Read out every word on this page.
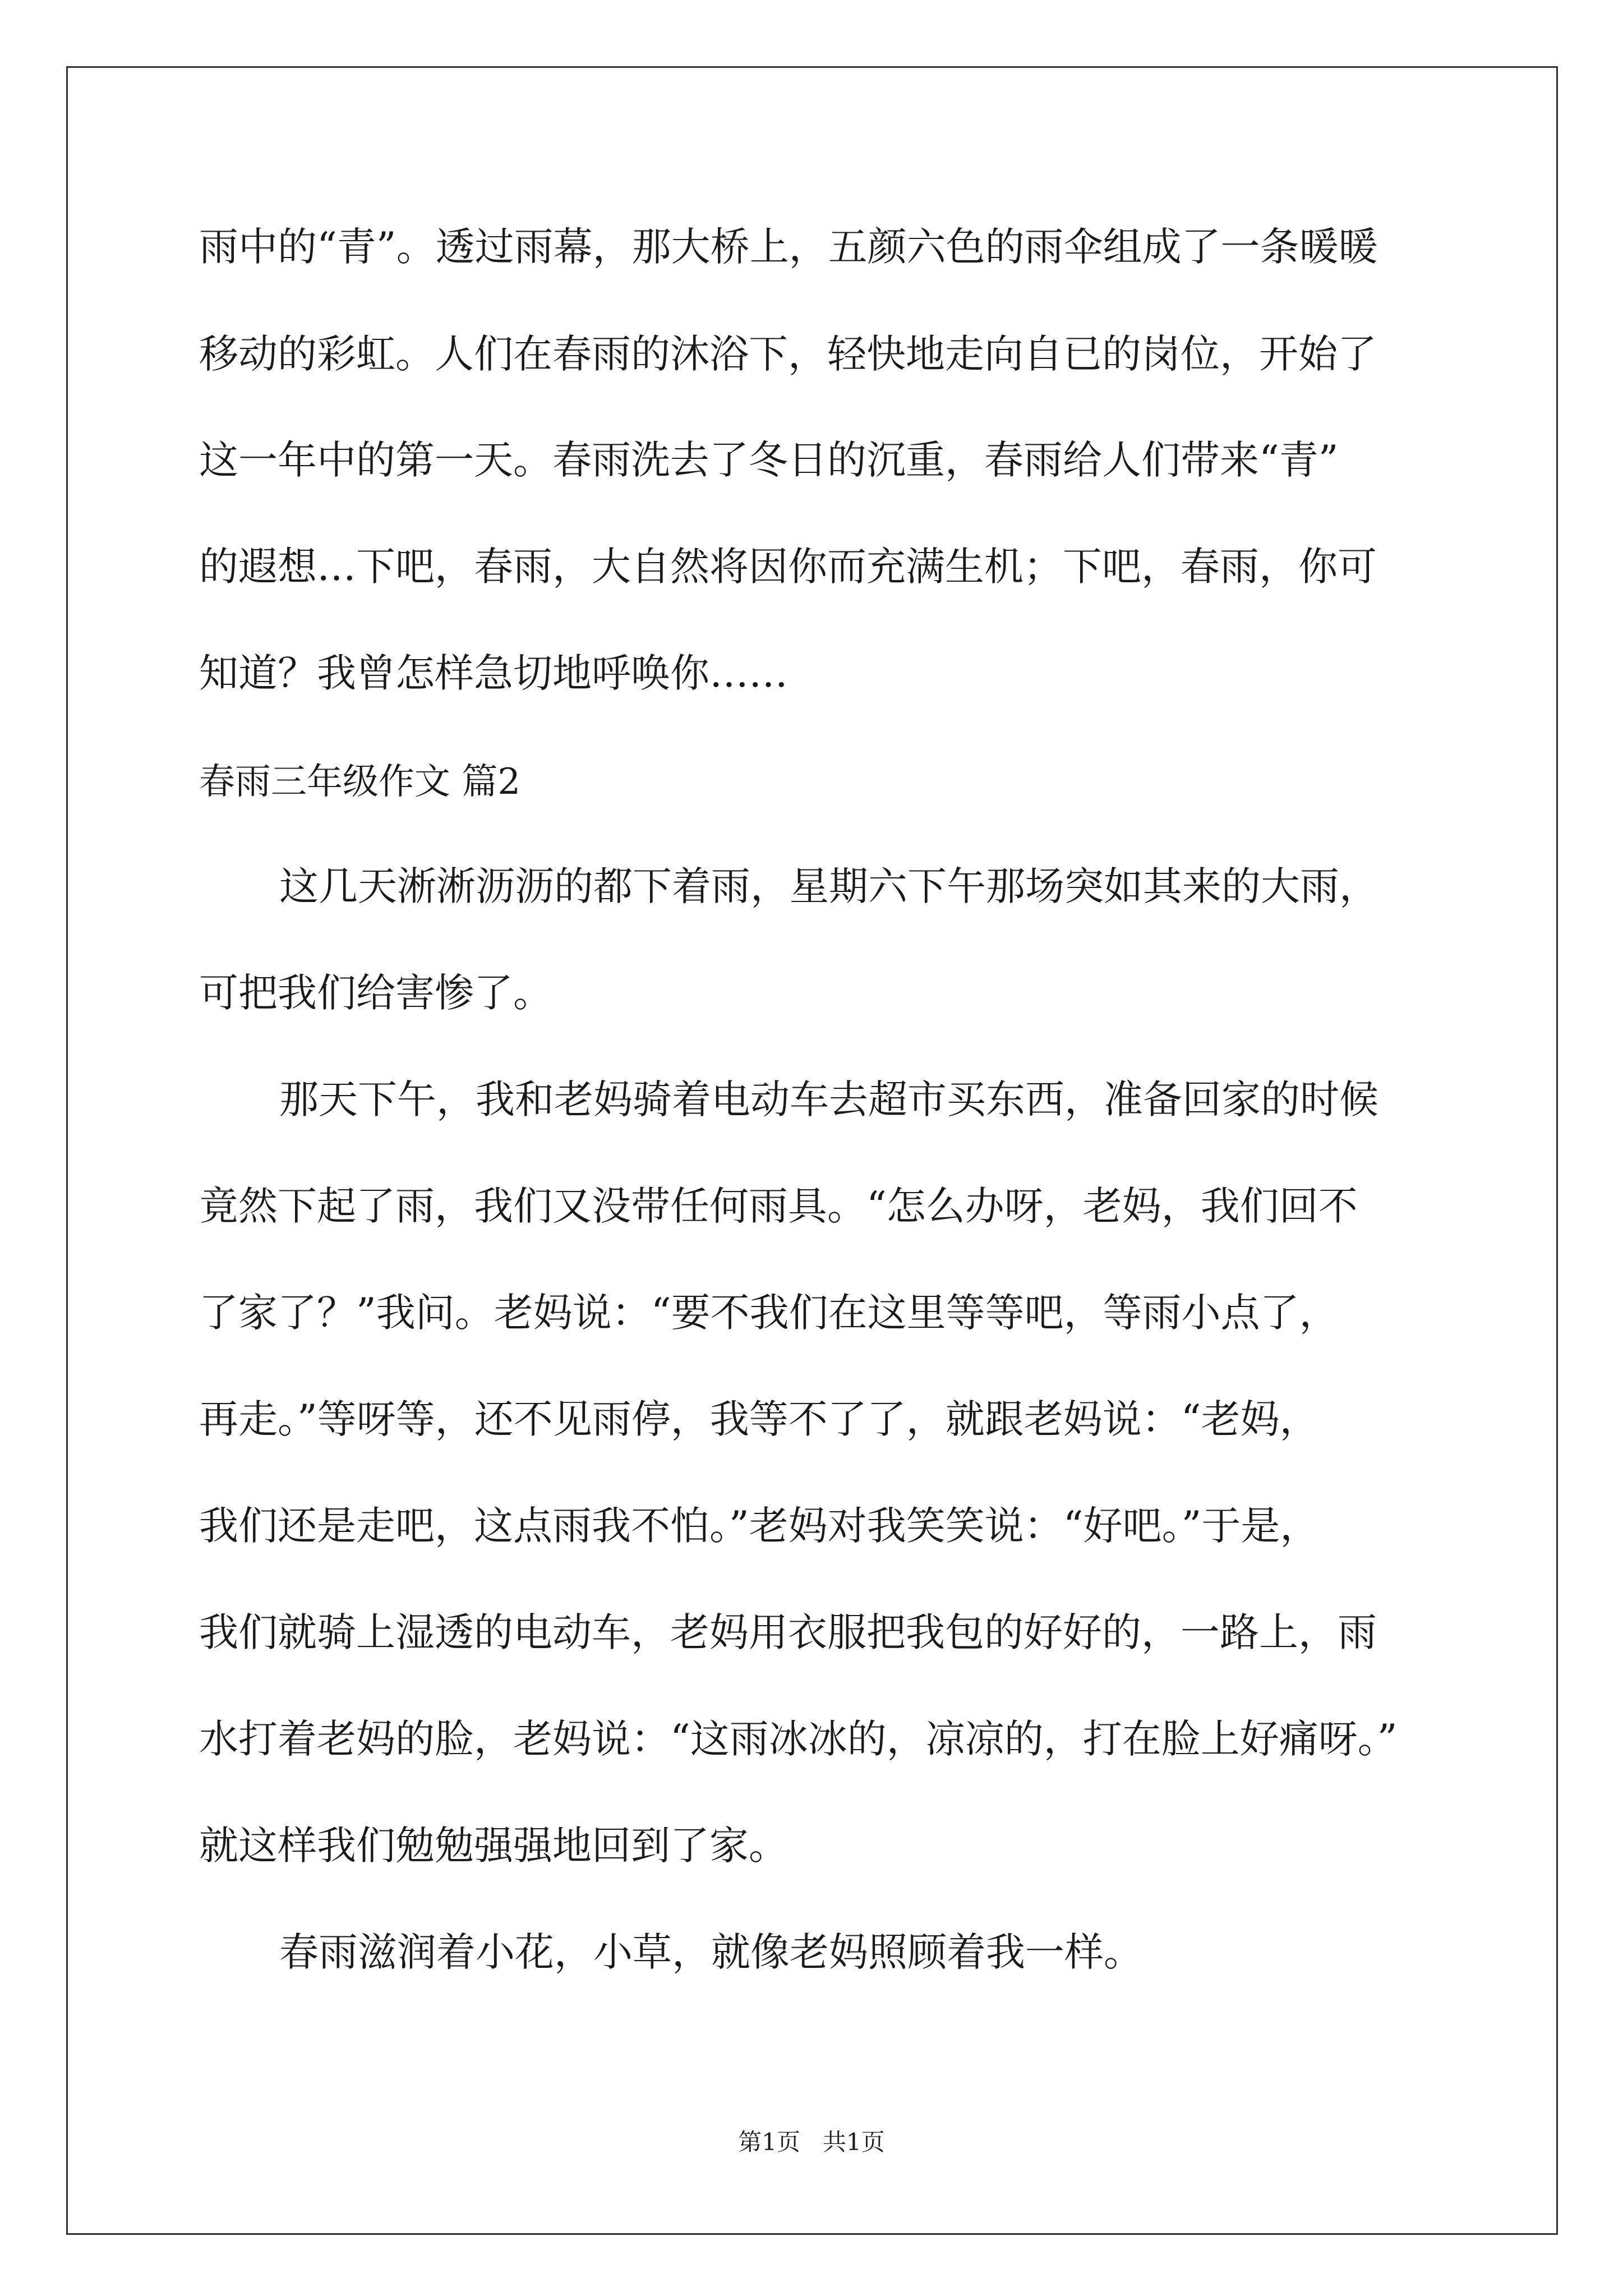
雨中的“青”。透过雨幕，那大桥上，五颜六色的雨伞组成了一条暖暖

移动的彩虹。人们在春雨的沐浴下，轻快地走向自已的岗位，开始了

这一年中的第一天。春雨洗去了冬日的沉重，春雨给人们带来“青”

的遐想…下吧，春雨，大自然将因你而充满生机；下吧，春雨，你可

知道？我曾怎样急切地呼唤你……

春雨三年级作文 篇2

这几天淅淅沥沥的都下着雨，星期六下午那场突如其来的大雨，

可把我们给害惨了。

那天下午，我和老妈骑着电动车去超市买东西，准备回家的时候

竟然下起了雨，我们又没带任何雨具。“怎么办呀，老妈，我们回不

了家了？”我问。老妈说：“要不我们在这里等等吧，等雨小点了，

再走。”等呀等，还不见雨停，我等不了了，就跟老妈说：“老妈，

我们还是走吧，这点雨我不怕。”老妈对我笑笑说：“好吧。”于是，

我们就骑上湿透的电动车，老妈用衣服把我包的好好的，一路上，雨

水打着老妈的脸，老妈说：“这雨冰冰的，凉凉的，打在脸上好痛呀。”

就这样我们勉勉强强地回到了家。

春雨滋润着小花，小草，就像老妈照顾着我一样。

第1页 共1页
